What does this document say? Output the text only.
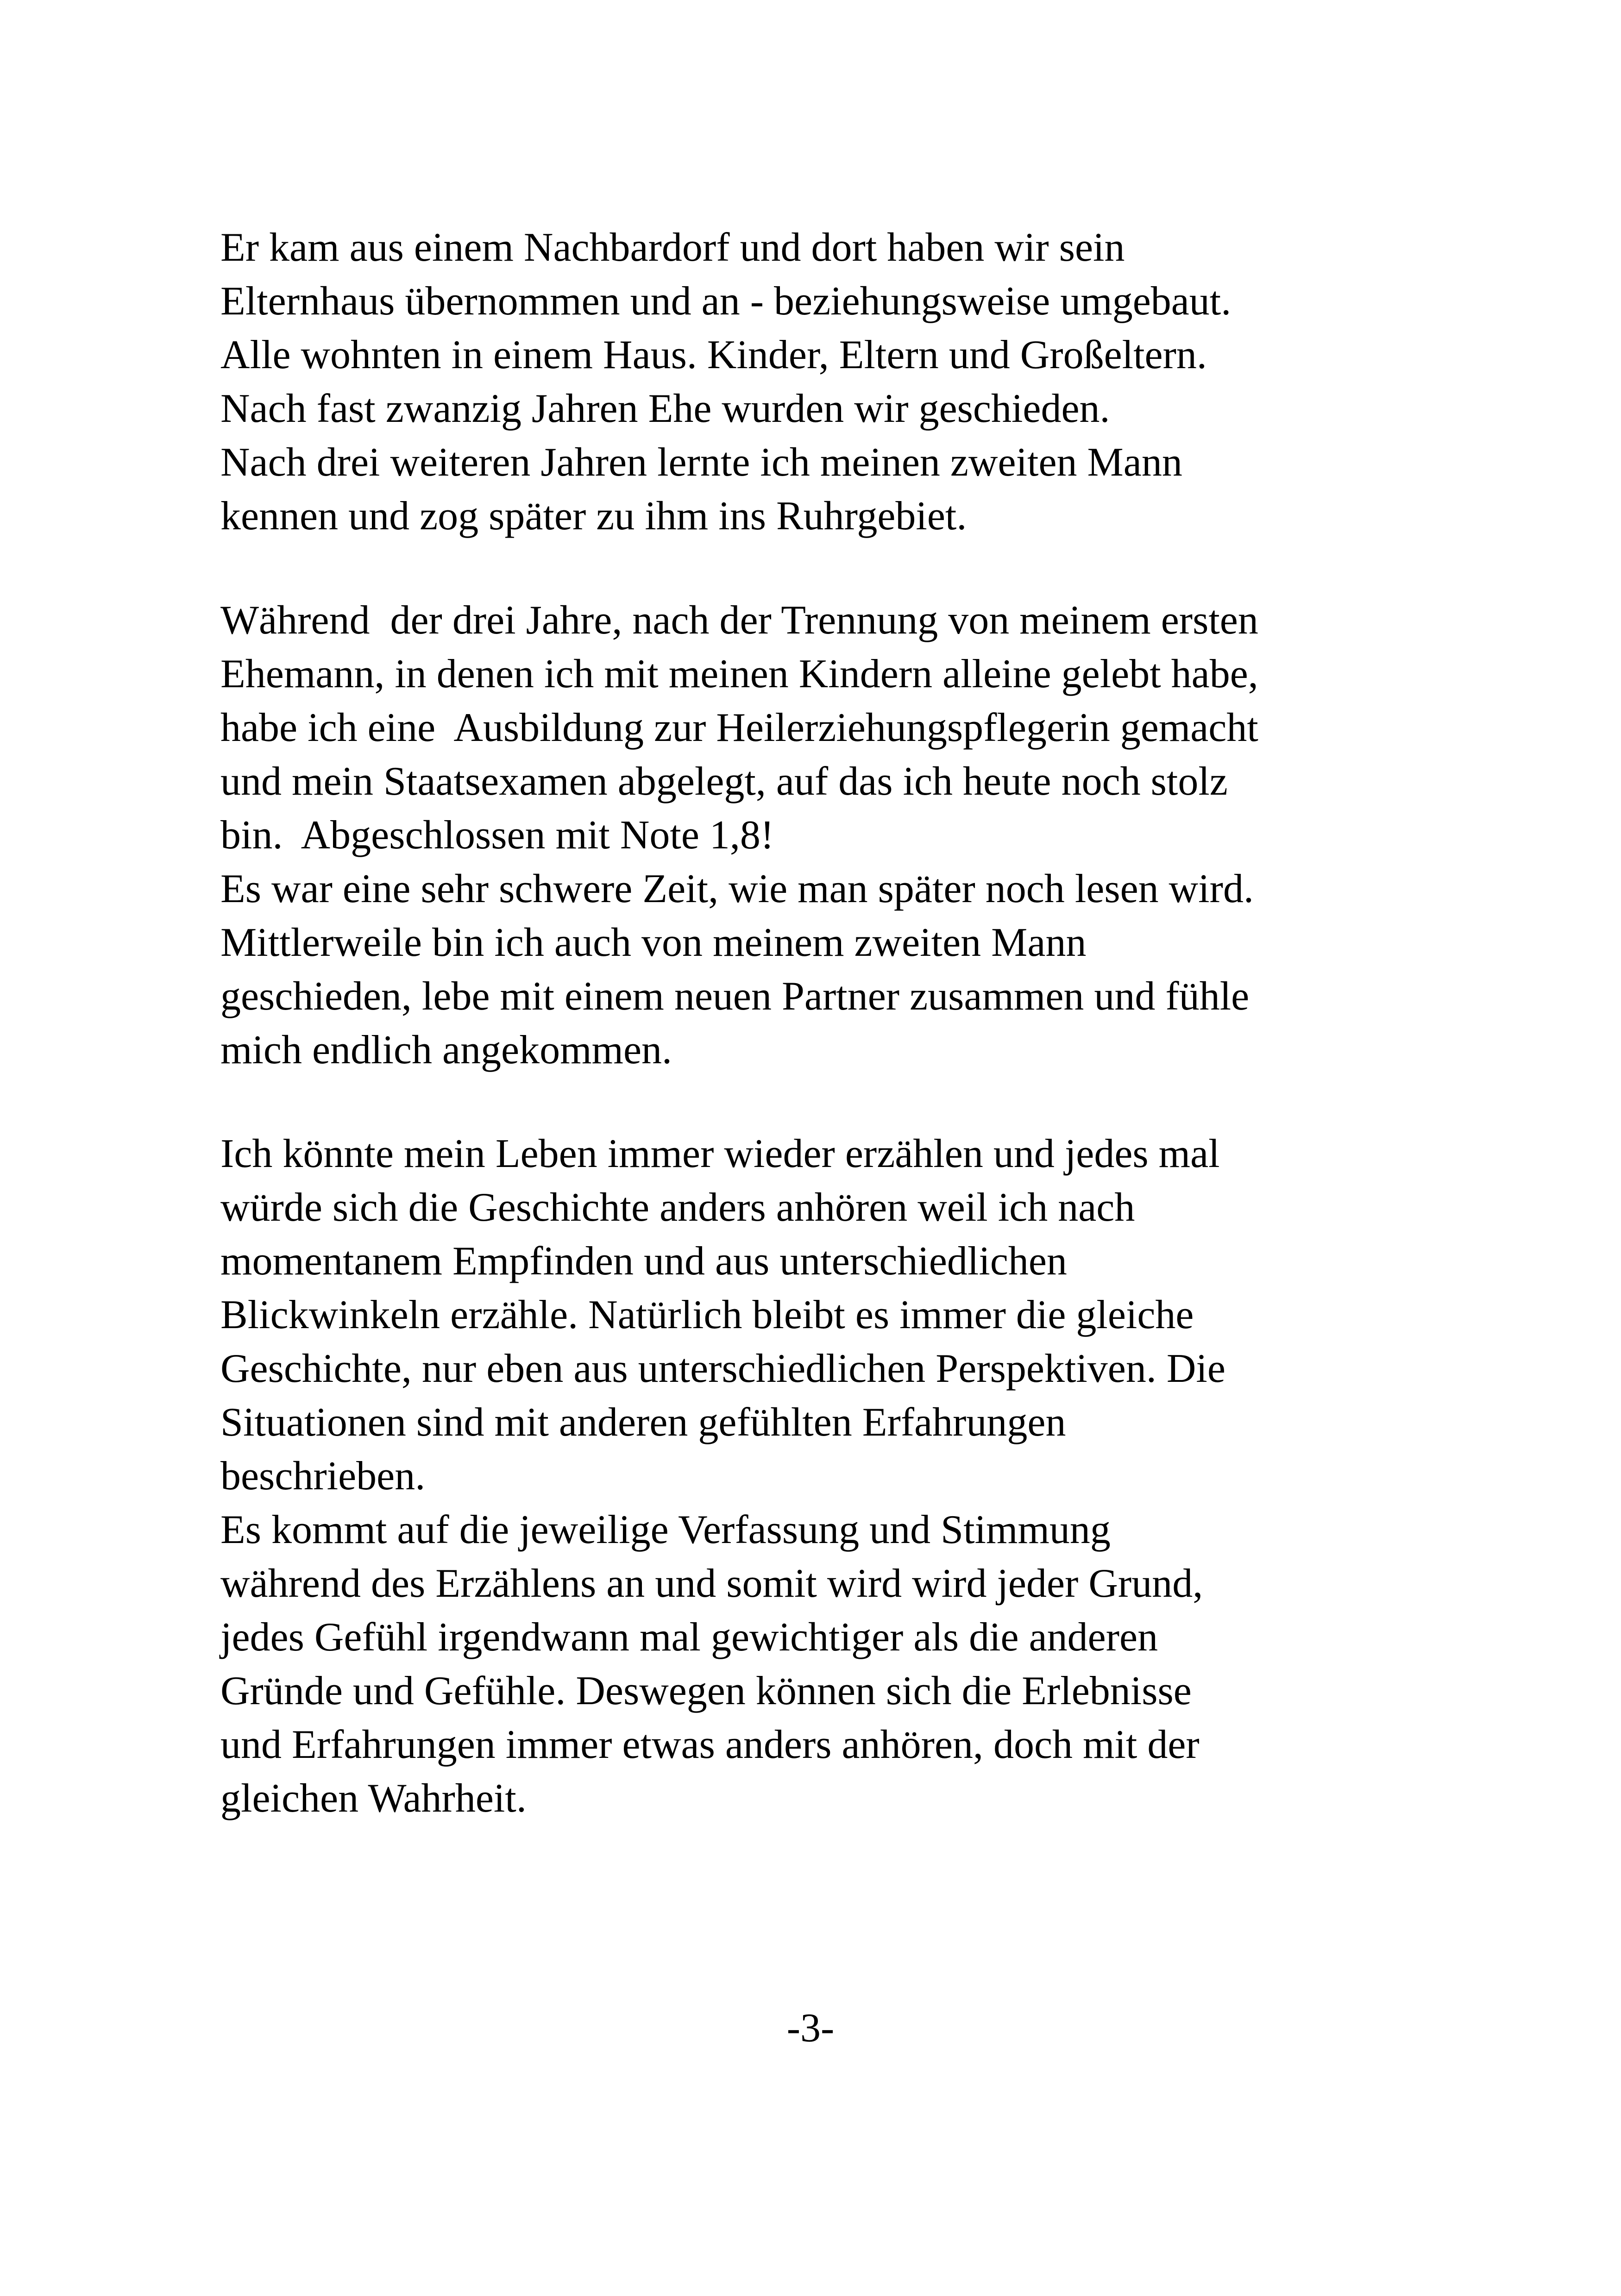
Er kam aus einem Nachbardorf und dort haben wir sein
Elternhaus übernommen und an - beziehungsweise umgebaut.
Alle wohnten in einem Haus. Kinder, Eltern und Großeltern.
Nach fast zwanzig Jahren Ehe wurden wir geschieden.
Nach drei weiteren Jahren lernte ich meinen zweiten Mann
kennen und zog später zu ihm ins Ruhrgebiet.
Während  der drei Jahre, nach der Trennung von meinem ersten
Ehemann, in denen ich mit meinen Kindern alleine gelebt habe,
habe ich eine  Ausbildung zur Heilerziehungspflegerin gemacht
und mein Staatsexamen abgelegt, auf das ich heute noch stolz
bin.  Abgeschlossen mit Note 1,8!
Es war eine sehr schwere Zeit, wie man später noch lesen wird.
Mittlerweile bin ich auch von meinem zweiten Mann
geschieden, lebe mit einem neuen Partner zusammen und fühle
mich endlich angekommen.
Ich könnte mein Leben immer wieder erzählen und jedes mal
würde sich die Geschichte anders anhören weil ich nach
momentanem Empfinden und aus unterschiedlichen
Blickwinkeln erzähle. Natürlich bleibt es immer die gleiche
Geschichte, nur eben aus unterschiedlichen Perspektiven. Die
Situationen sind mit anderen gefühlten Erfahrungen
beschrieben.
Es kommt auf die jeweilige Verfassung und Stimmung
während des Erzählens an und somit wird wird jeder Grund,
jedes Gefühl irgendwann mal gewichtiger als die anderen
Gründe und Gefühle. Deswegen können sich die Erlebnisse
und Erfahrungen immer etwas anders anhören, doch mit der
gleichen Wahrheit.
-3-
